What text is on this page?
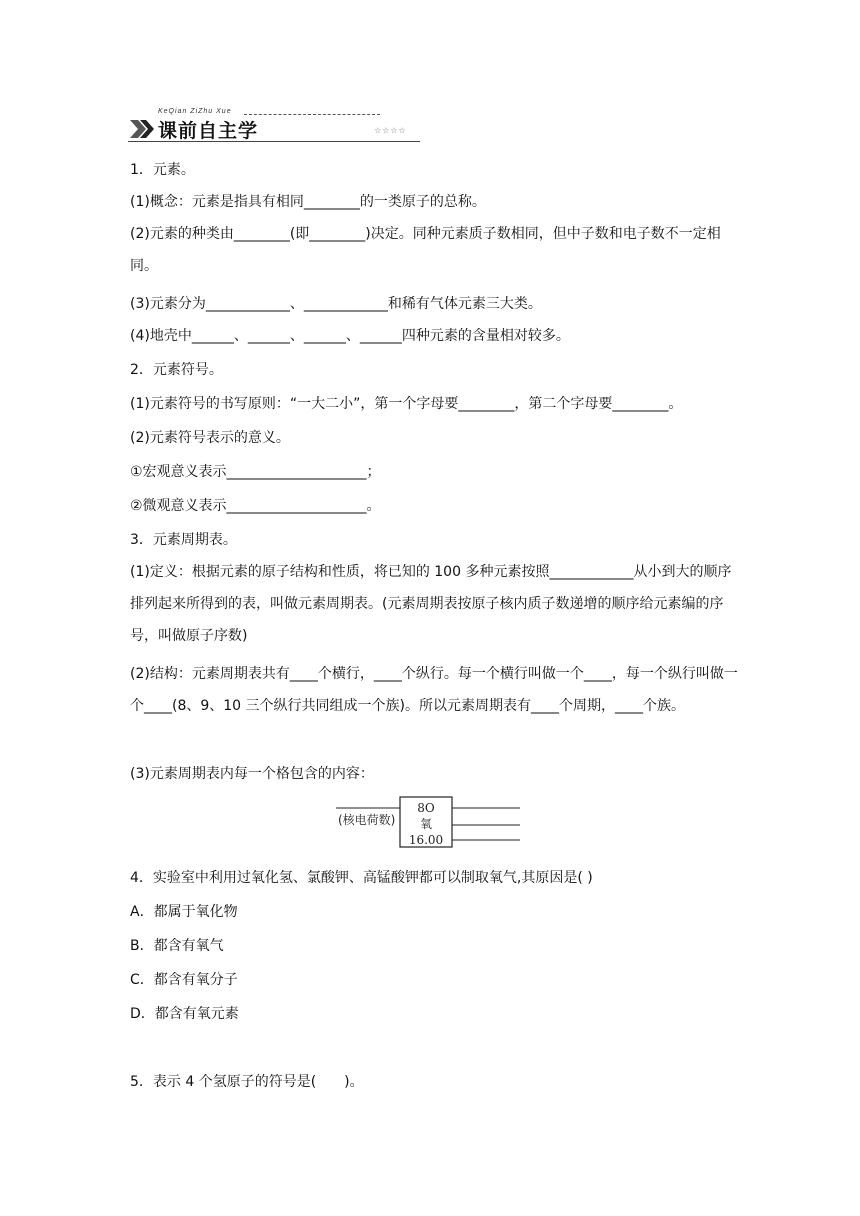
KeQian ZiZhu Xue
课前自主学	☆☆☆☆
1．元素。
(1)概念：元素是指具有相同________的一类原子的总称。
(2)元素的种类由________(即________)决定。同种元素质子数相同，但中子数和电子数不一定相同。
(3)元素分为____________、____________和稀有气体元素三大类。
(4)地壳中______、______、______、______四种元素的含量相对较多。
2．元素符号。
(1)元素符号的书写原则：“一大二小”，第一个字母要________，第二个字母要________。
(2)元素符号表示的意义。
①宏观意义表示____________________；
②微观意义表示____________________。
3．元素周期表。
(1)定义：根据元素的原子结构和性质，将已知的 100 多种元素按照____________从小到大的顺序排列起来所得到的表，叫做元素周期表。(元素周期表按原子核内质子数递增的顺序给元素编的序号，叫做原子序数)
(2)结构：元素周期表共有____个横行，____个纵行。每一个横行叫做一个____，每一个纵行叫做一个____(8、9、10 三个纵行共同组成一个族)。所以元素周期表有____个周期，____个族。
(3)元素周期表内每一个格包含的内容：
(核电荷数)
8O
氧
16.00
4．实验室中利用过氧化氢、氯酸钾、高锰酸钾都可以制取氧气,其原因是( )
A．都属于氧化物
B．都含有氧气
C．都含有氧分子
D．都含有氧元素
5．表示 4 个氢原子的符号是(　　)。
